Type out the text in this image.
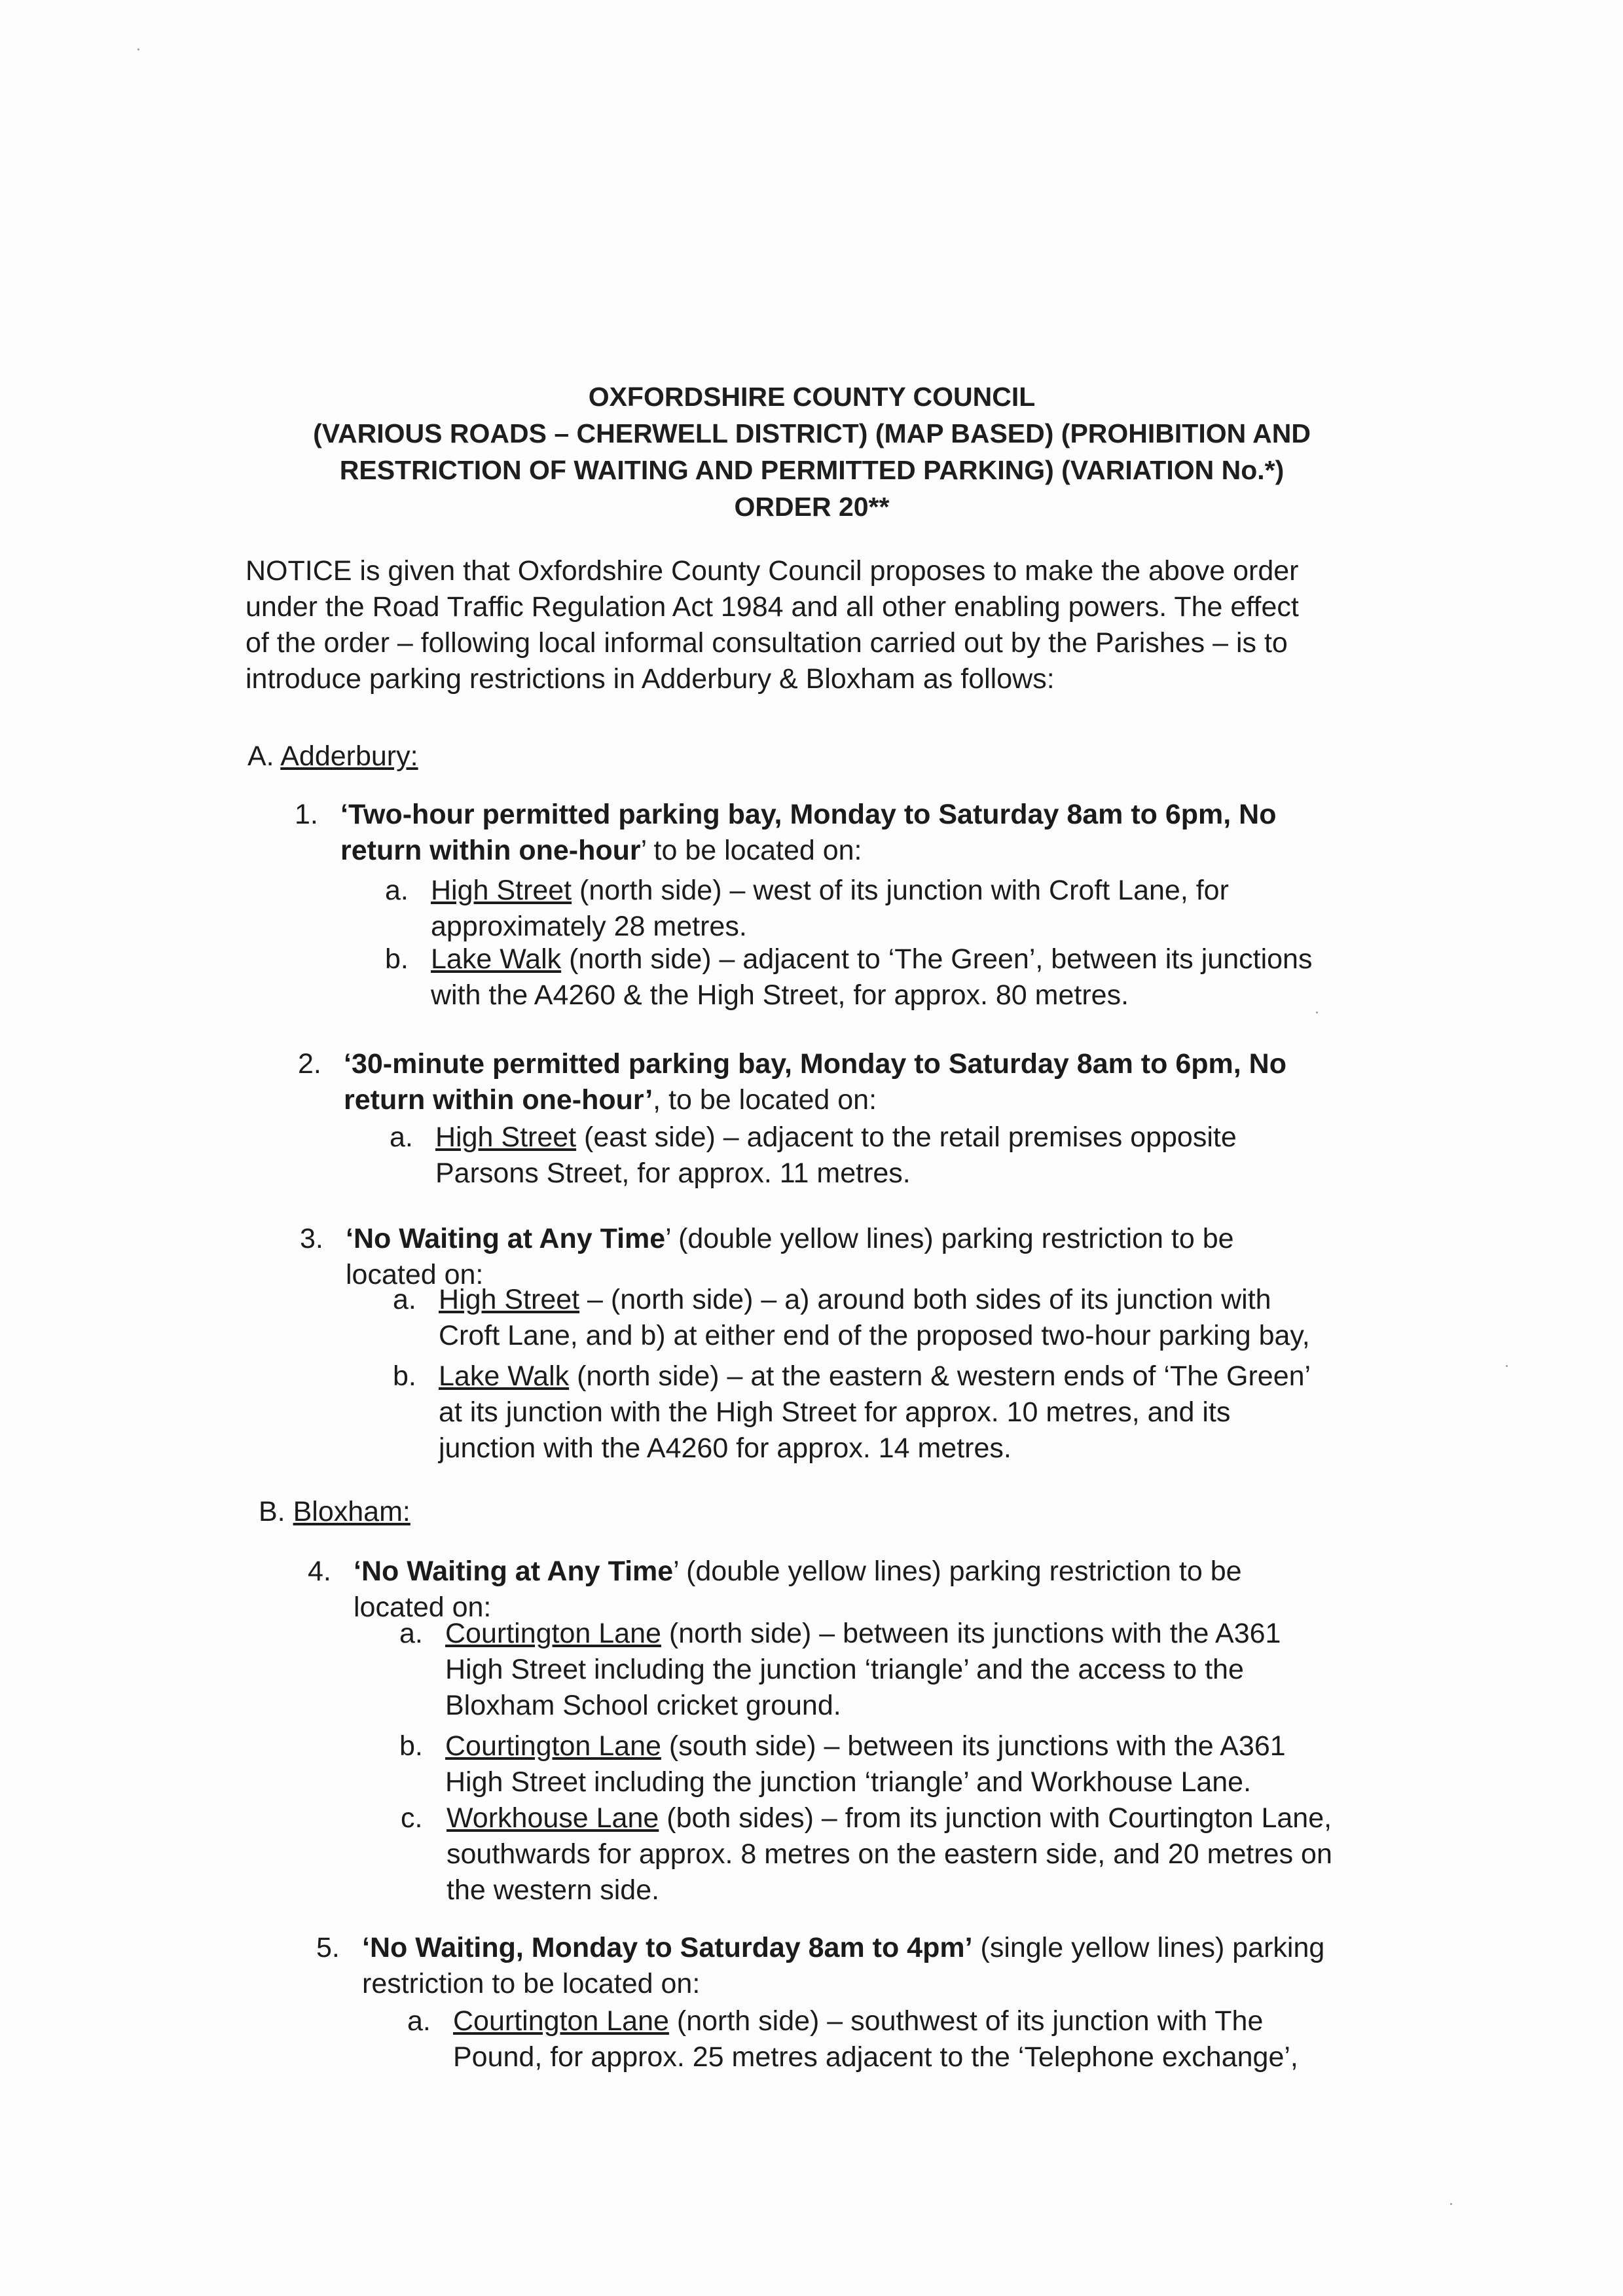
OXFORDSHIRE COUNTY COUNCIL
(VARIOUS ROADS – CHERWELL DISTRICT) (MAP BASED) (PROHIBITION AND
RESTRICTION OF WAITING AND PERMITTED PARKING) (VARIATION No.*)
ORDER 20**
NOTICE is given that Oxfordshire County Council proposes to make the above order
under the Road Traffic Regulation Act 1984 and all other enabling powers. The effect
of the order – following local informal consultation carried out by the Parishes – is to
introduce parking restrictions in Adderbury & Bloxham as follows:
A. Adderbury:
1. ‘Two-hour permitted parking bay, Monday to Saturday 8am to 6pm, No
return within one-hour’ to be located on:
a. High Street (north side) – west of its junction with Croft Lane, for
approximately 28 metres.
b. Lake Walk (north side) – adjacent to ‘The Green’, between its junctions
with the A4260 & the High Street, for approx. 80 metres.
2. ‘30-minute permitted parking bay, Monday to Saturday 8am to 6pm, No
return within one-hour’, to be located on:
a. High Street (east side) – adjacent to the retail premises opposite
Parsons Street, for approx. 11 metres.
3. ‘No Waiting at Any Time’ (double yellow lines) parking restriction to be
located on:
a. High Street – (north side) – a) around both sides of its junction with
Croft Lane, and b) at either end of the proposed two-hour parking bay,
b. Lake Walk (north side) – at the eastern & western ends of ‘The Green’
at its junction with the High Street for approx. 10 metres, and its
junction with the A4260 for approx. 14 metres.
B. Bloxham:
4. ‘No Waiting at Any Time’ (double yellow lines) parking restriction to be
located on:
a. Courtington Lane (north side) – between its junctions with the A361
High Street including the junction ‘triangle’ and the access to the
Bloxham School cricket ground.
b. Courtington Lane (south side) – between its junctions with the A361
High Street including the junction ‘triangle’ and Workhouse Lane.
c. Workhouse Lane (both sides) – from its junction with Courtington Lane,
southwards for approx. 8 metres on the eastern side, and 20 metres on
the western side.
5. ‘No Waiting, Monday to Saturday 8am to 4pm’ (single yellow lines) parking
restriction to be located on:
a. Courtington Lane (north side) – southwest of its junction with The
Pound, for approx. 25 metres adjacent to the ‘Telephone exchange’,
